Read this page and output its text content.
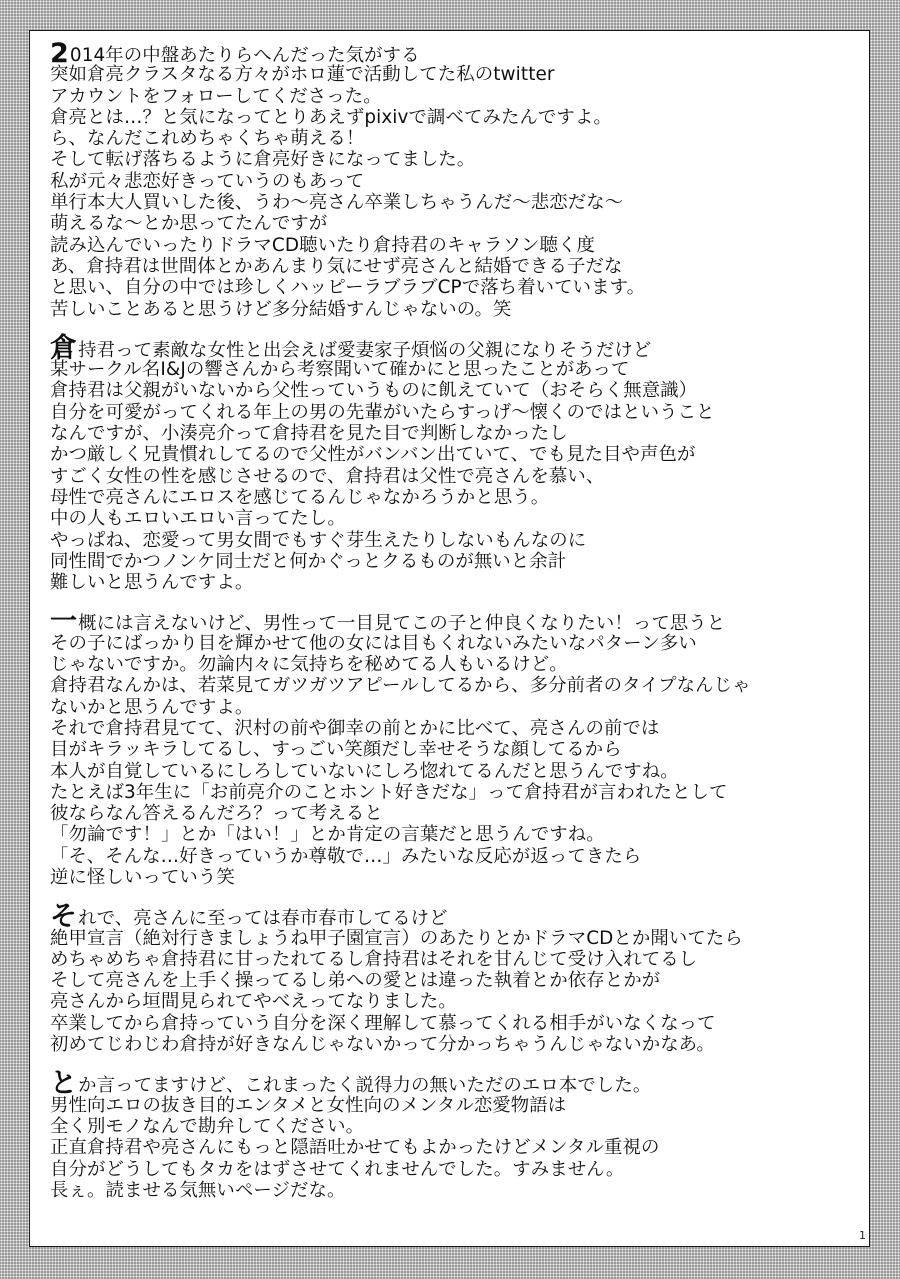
2014年の中盤あたりらへんだった気がする
突如倉亮クラスタなる方々がホロ蓮で活動してた私のtwitter
アカウントをフォローしてくださった。
倉亮とは…？と気になってとりあえずpixivで調べてみたんですよ。
ら、なんだこれめちゃくちゃ萌える！
そして転げ落ちるように倉亮好きになってました。
私が元々悲恋好きっていうのもあって
単行本大人買いした後、うわ～亮さん卒業しちゃうんだ～悲恋だな～
萌えるな～とか思ってたんですが
読み込んでいったりドラマCD聴いたり倉持君のキャラソン聴く度
あ、倉持君は世間体とかあんまり気にせず亮さんと結婚できる子だな
と思い、自分の中では珍しくハッピーラブラブCPで落ち着いています。
苦しいことあると思うけど多分結婚すんじゃないの。笑

倉持君って素敵な女性と出会えば愛妻家子煩悩の父親になりそうだけど
某サークル名I&Jの響さんから考察聞いて確かにと思ったことがあって
倉持君は父親がいないから父性っていうものに飢えていて（おそらく無意識）
自分を可愛がってくれる年上の男の先輩がいたらすっげ～懐くのではということ
なんですが、小湊亮介って倉持君を見た目で判断しなかったし
かつ厳しく兄貴慣れしてるので父性がバンバン出ていて、でも見た目や声色が
すごく女性の性を感じさせるので、倉持君は父性で亮さんを慕い、
母性で亮さんにエロスを感じてるんじゃなかろうかと思う。
中の人もエロいエロい言ってたし。
やっぱね、恋愛って男女間でもすぐ芽生えたりしないもんなのに
同性間でかつノンケ同士だと何かぐっとクるものが無いと余計
難しいと思うんですよ。

一概には言えないけど、男性って一目見てこの子と仲良くなりたい！って思うと
その子にばっかり目を輝かせて他の女には目もくれないみたいなパターン多い
じゃないですか。勿論内々に気持ちを秘めてる人もいるけど。
倉持君なんかは、若菜見てガツガツアピールしてるから、多分前者のタイプなんじゃ
ないかと思うんですよ。
それで倉持君見てて、沢村の前や御幸の前とかに比べて、亮さんの前では
目がキラッキラしてるし、すっごい笑顔だし幸せそうな顔してるから
本人が自覚しているにしろしていないにしろ惚れてるんだと思うんですね。
たとえば3年生に「お前亮介のことホント好きだな」って倉持君が言われたとして
彼ならなん答えるんだろ？って考えると
「勿論です！」とか「はい！」とか肯定の言葉だと思うんですね。
「そ、そんな…好きっていうか尊敬で…」みたいな反応が返ってきたら
逆に怪しいっていう笑

それで、亮さんに至っては春市春市してるけど
絶甲宣言（絶対行きましょうね甲子園宣言）のあたりとかドラマCDとか聞いてたら
めちゃめちゃ倉持君に甘ったれてるし倉持君はそれを甘んじて受け入れてるし
そして亮さんを上手く操ってるし弟への愛とは違った執着とか依存とかが
亮さんから垣間見られてやべえってなりました。
卒業してから倉持っていう自分を深く理解して慕ってくれる相手がいなくなって
初めてじわじわ倉持が好きなんじゃないかって分かっちゃうんじゃないかなあ。

とか言ってますけど、これまったく説得力の無いただのエロ本でした。
男性向エロの抜き目的エンタメと女性向のメンタル恋愛物語は
全く別モノなんで勘弁してください。
正直倉持君や亮さんにもっと隠語吐かせてもよかったけどメンタル重視の
自分がどうしてもタカをはずさせてくれませんでした。すみません。
長ぇ。読ませる気無いページだな。

1
